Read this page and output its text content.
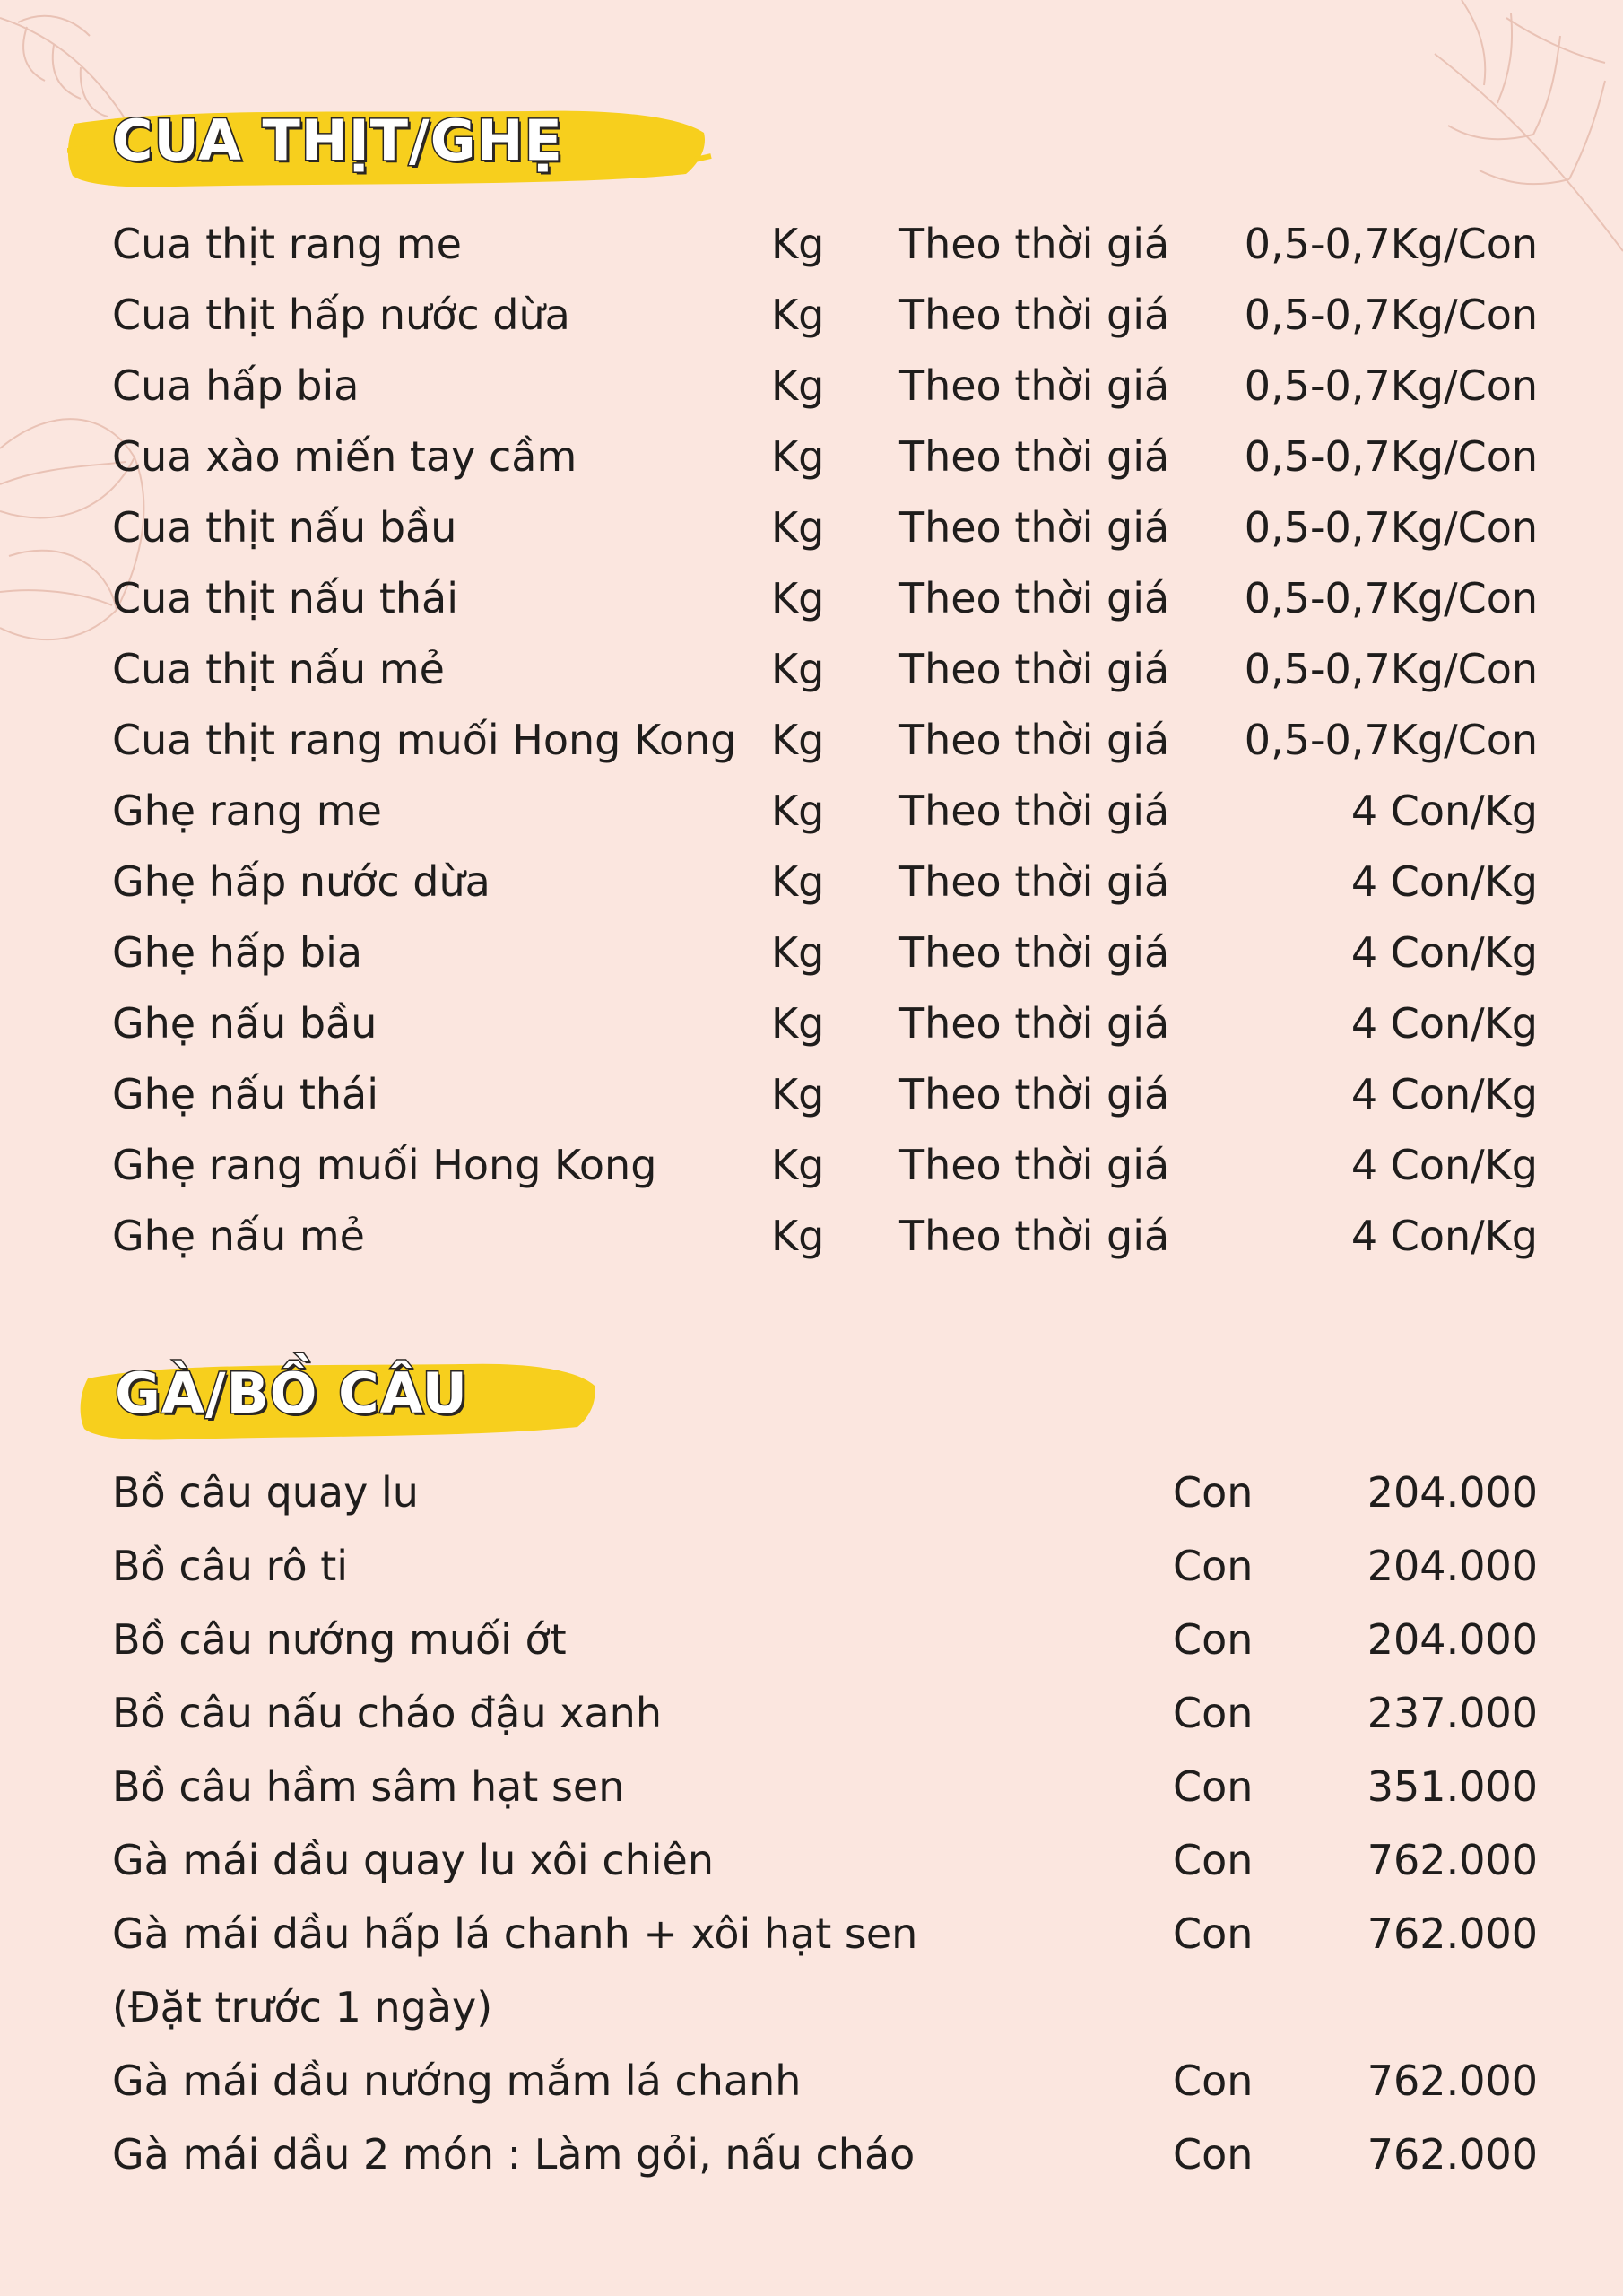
CUA THỊT/GHẸ
Cua thịt rang me	Kg Theo thời giá 0,5-0,7Kg/Con
Cua thịt hấp nước dừa	Kg Theo thời giá 0,5-0,7Kg/Con
Cua hấp bia	Kg Theo thời giá 0,5-0,7Kg/Con
Cua xào miến tay cầm	Kg Theo thời giá 0,5-0,7Kg/Con
Cua thịt nấu bầu	Kg Theo thời giá 0,5-0,7Kg/Con
Cua thịt nấu thái	Kg Theo thời giá 0,5-0,7Kg/Con
Cua thịt nấu mẻ	Kg Theo thời giá 0,5-0,7Kg/Con
Cua thịt rang muối Hong Kong Kg Theo thời giá 0,5-0,7Kg/Con
Ghẹ rang me	Kg Theo thời giá	4 Con/Kg
Ghẹ hấp nước dừa	Kg Theo thời giá	4 Con/Kg
Ghẹ hấp bia	Kg Theo thời giá	4 Con/Kg
Ghẹ nấu bầu	Kg Theo thời giá	4 Con/Kg
Ghẹ nấu thái	Kg Theo thời giá	4 Con/Kg
Ghẹ rang muối Hong Kong	Kg Theo thời giá	4 Con/Kg
Ghẹ nấu mẻ	Kg Theo thời giá	4 Con/Kg
GÀ/BỒ CÂU
Bồ câu quay lu	Con	204.000
Bồ câu rô ti	Con	204.000
Bồ câu nướng muối ớt	Con	204.000
Bồ câu nấu cháo đậu xanh	Con	237.000
Bồ câu hầm sâm hạt sen	Con	351.000
Gà mái dầu quay lu xôi chiên	Con	762.000
Gà mái dầu hấp lá chanh + xôi hạt sen	Con	762.000
(Đặt trước 1 ngày)
Gà mái dầu nướng mắm lá chanh	Con	762.000
Gà mái dầu 2 món : Làm gỏi, nấu cháo	Con	762.000
